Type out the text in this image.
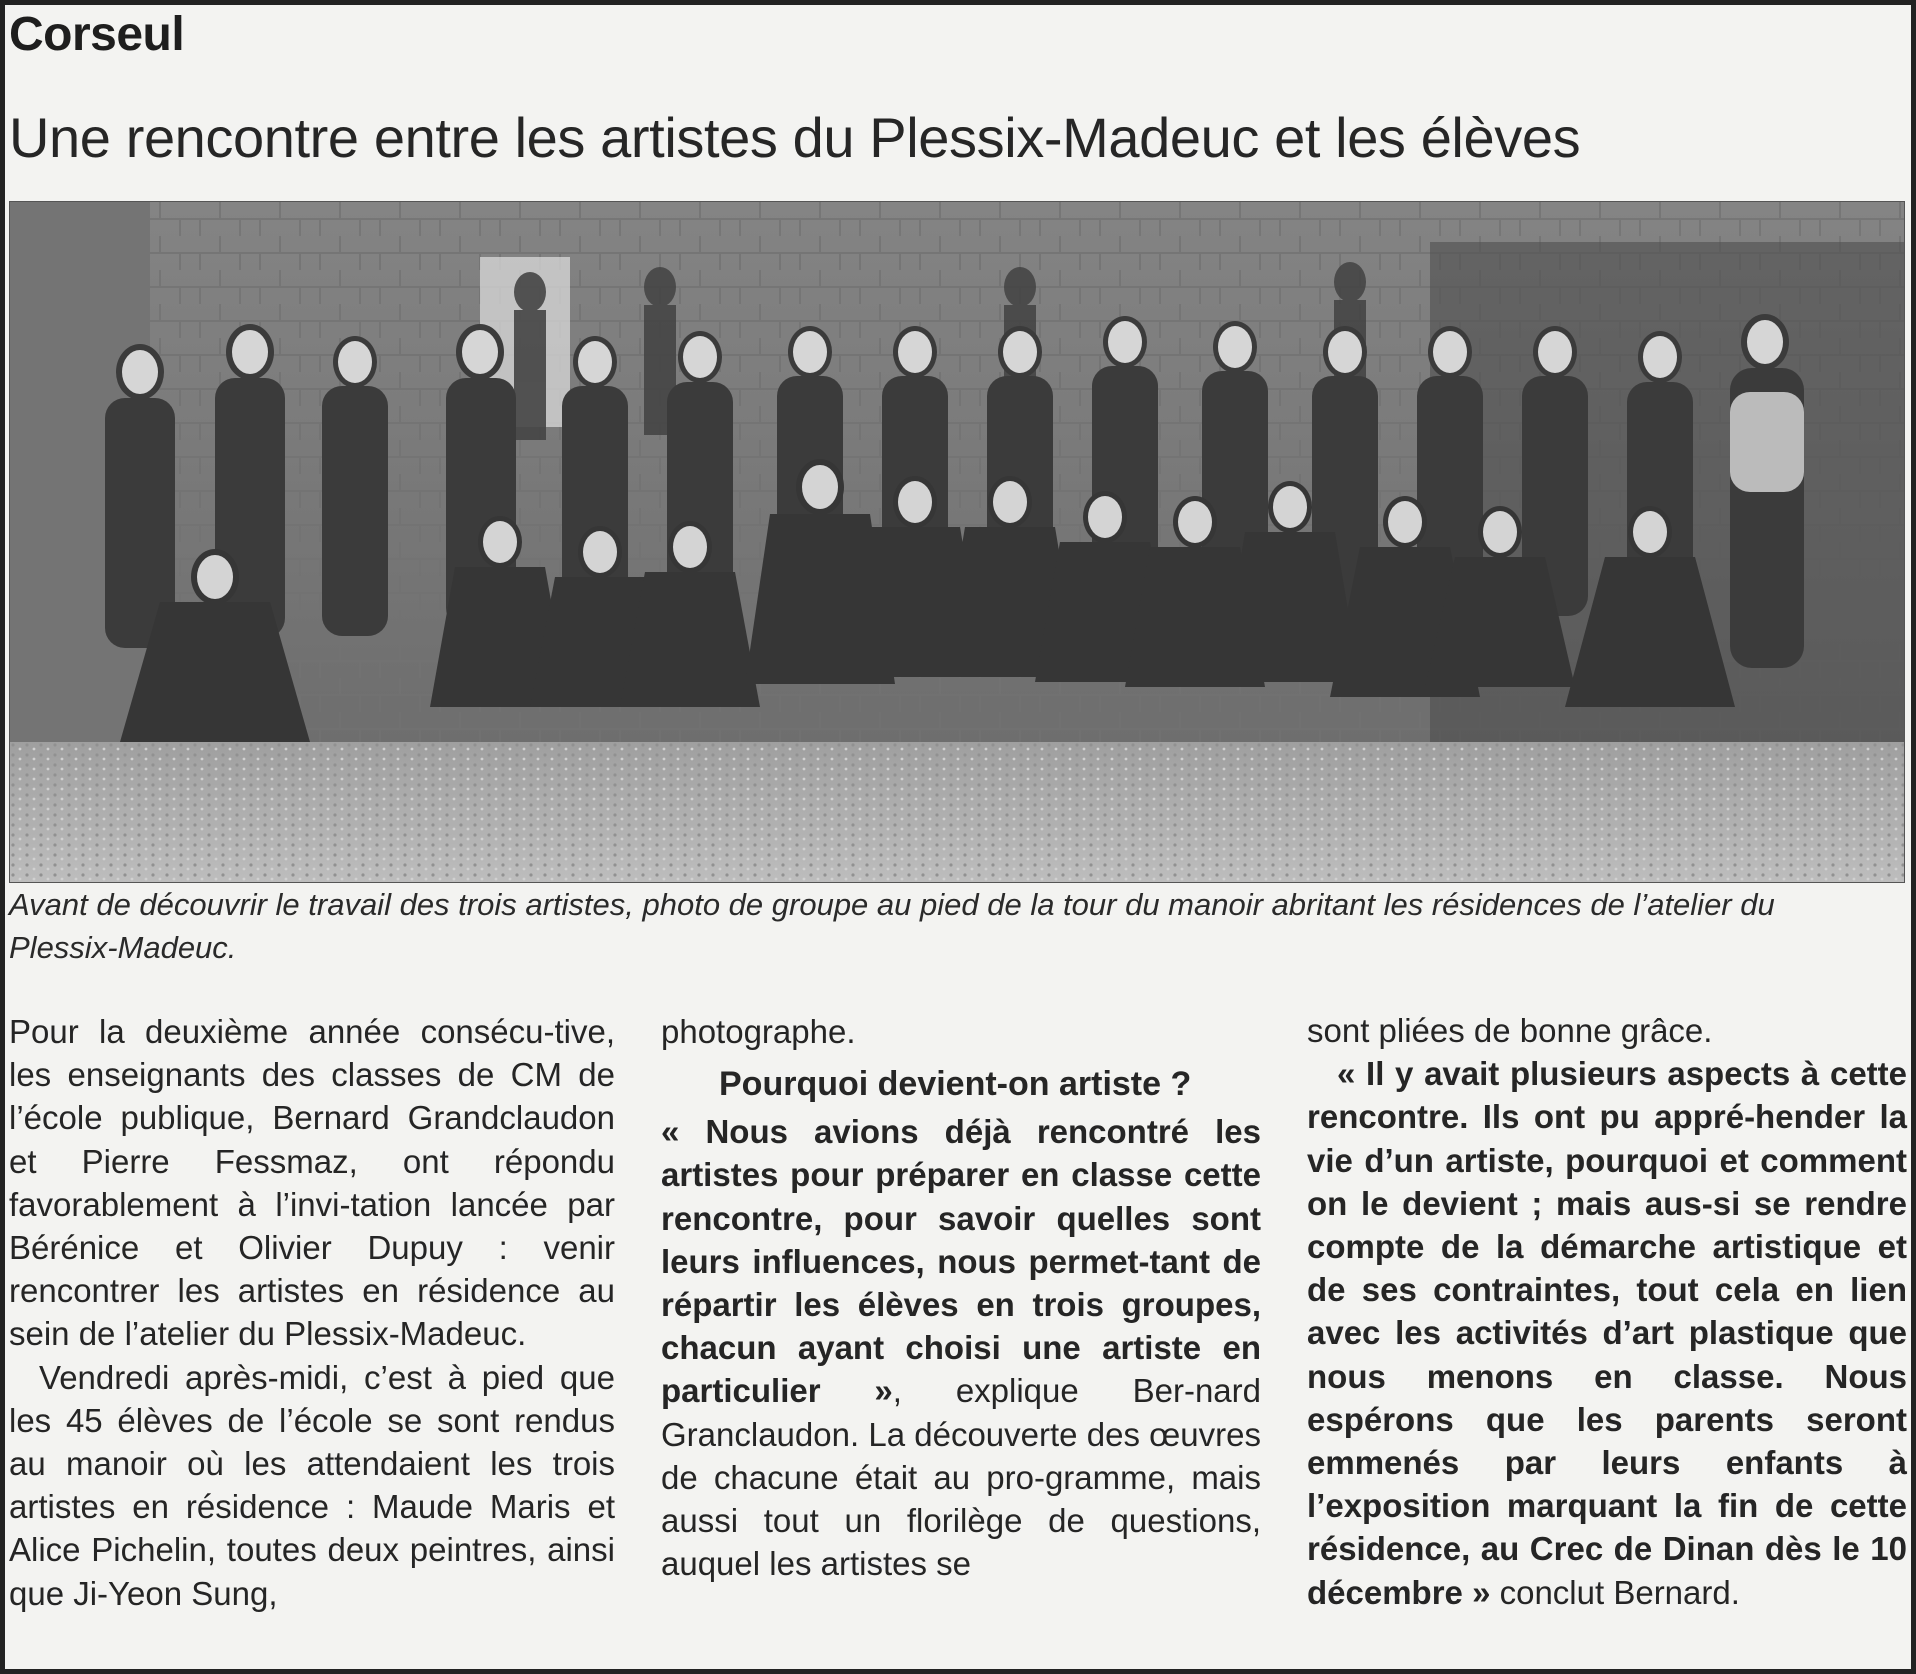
Corseul
Une rencontre entre les artistes du Plessix-Madeuc et les élèves
Avant de découvrir le travail des trois artistes, photo de groupe au pied de la tour du manoir abritant les résidences de l’atelier du Plessix-Madeuc.

Pour la deuxième année consécu-tive, les enseignants des classes de CM de l’école publique, Bernard Grandclaudon et Pierre Fessmaz, ont répondu favorablement à l’invi-tation lancée par Bérénice et Olivier Dupuy : venir rencontrer les artistes en résidence au sein de l’atelier du Plessix-Madeuc.

Vendredi après-midi, c’est à pied que les 45 élèves de l’école se sont rendus au manoir où les attendaient les trois artistes en résidence : Maude Maris et Alice Pichelin, toutes deux peintres, ainsi que Ji-Yeon Sung,

photographe.

Pourquoi devient-on artiste ?

« Nous avions déjà rencontré les artistes pour préparer en classe cette rencontre, pour savoir quelles sont leurs influences, nous permet-tant de répartir les élèves en trois groupes, chacun ayant choisi une artiste en particulier », explique Ber-nard Granclaudon. La découverte des œuvres de chacune était au pro-gramme, mais aussi tout un florilège de questions, auquel les artistes se

sont pliées de bonne grâce.

« Il y avait plusieurs aspects à cette rencontre. Ils ont pu appré-hender la vie d’un artiste, pourquoi et comment on le devient ; mais aus-si se rendre compte de la démarche artistique et de ses contraintes, tout cela en lien avec les activités d’art plastique que nous menons en classe. Nous espérons que les parents seront emmenés par leurs enfants à l’exposition marquant la fin de cette résidence, au Crec de Dinan dès le 10 décembre » conclut Bernard.
